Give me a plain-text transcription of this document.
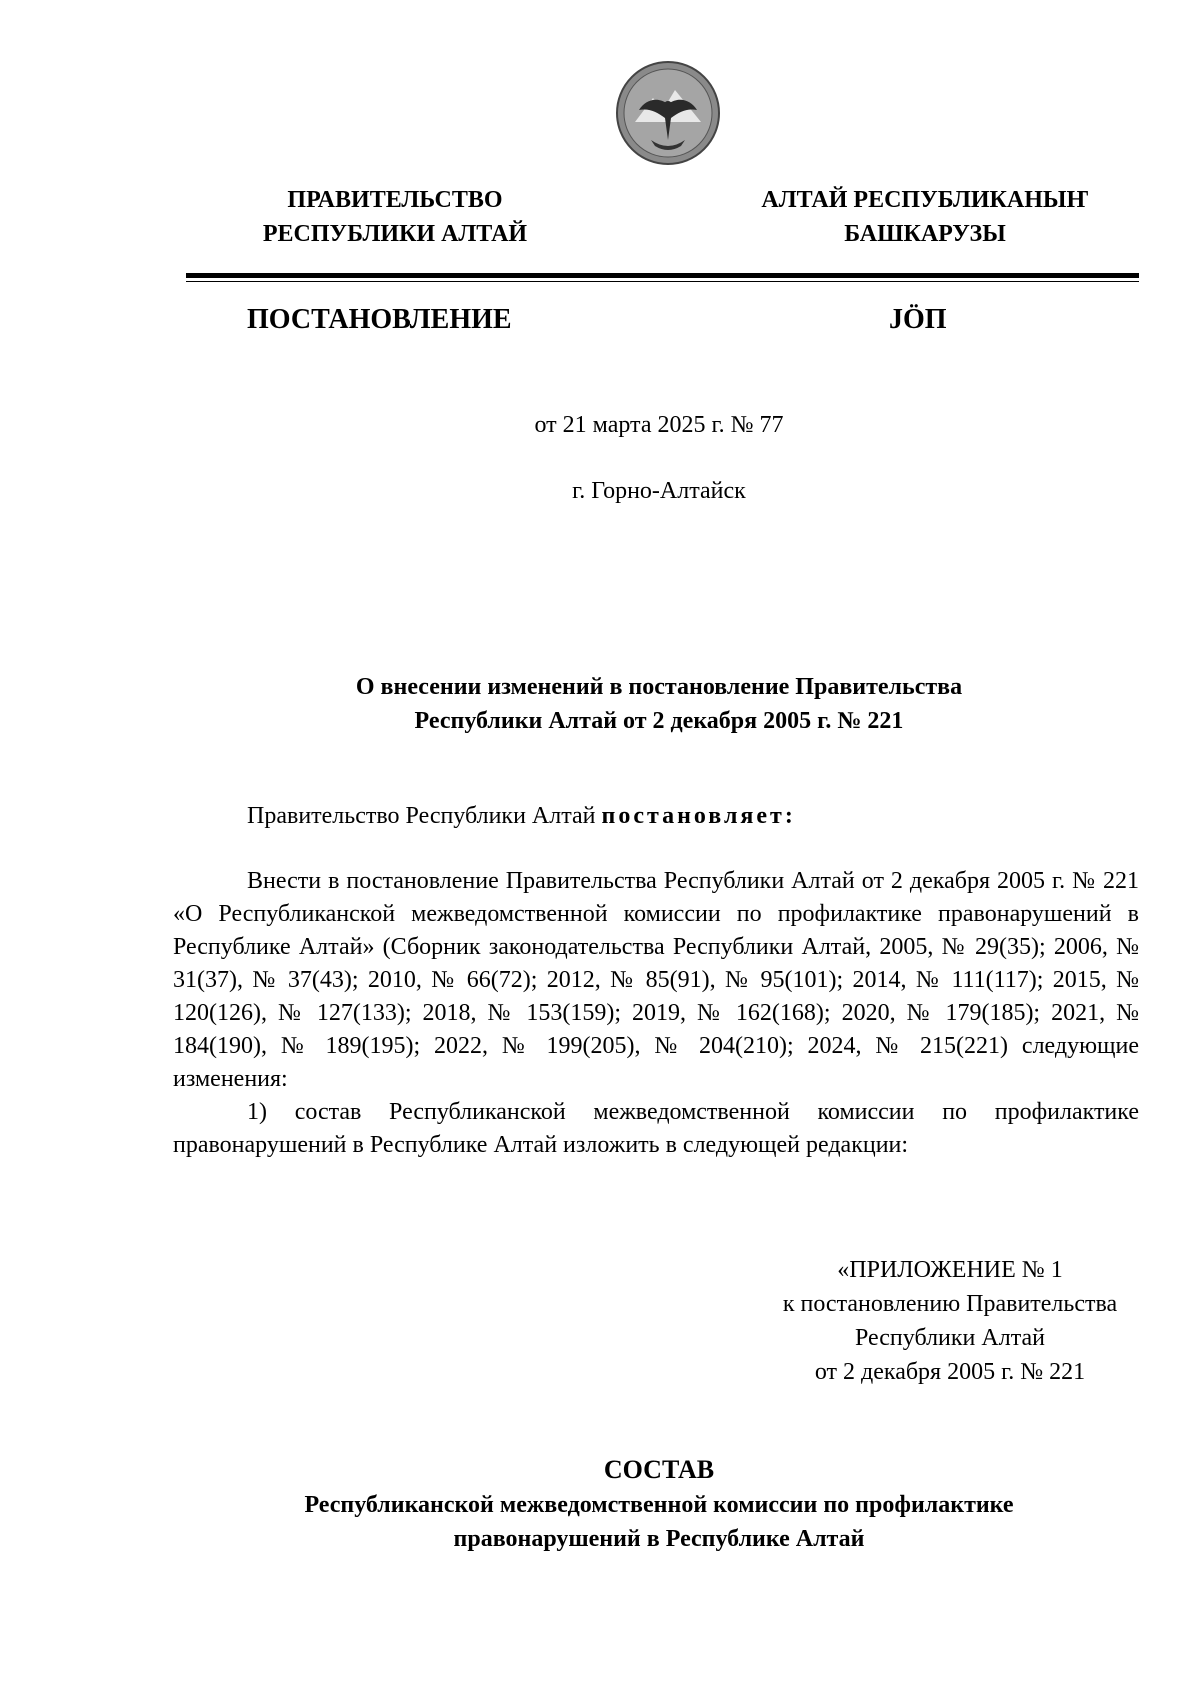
ПРАВИТЕЛЬСТВО
РЕСПУБЛИКИ АЛТАЙ
АЛТАЙ РЕСПУБЛИКАНЫҤ
БАШКАРУЗЫ
ПОСТАНОВЛЕНИЕ	JӦП
от 21 марта 2025 г. № 77
г. Горно-Алтайск
О внесении изменений в постановление Правительства
Республики Алтай от 2 декабря 2005 г. № 221
Правительство Республики Алтай постановляет:

Внести в постановление Правительства Республики Алтай от 2 декабря 2005 г. № 221 «О Республиканской межведомственной комиссии по профилактике правонарушений в Республике Алтай» (Сборник законодательства Республики Алтай, 2005, № 29(35); 2006, № 31(37), № 37(43); 2010, № 66(72); 2012, № 85(91), № 95(101); 2014, № 111(117); 2015, № 120(126), № 127(133); 2018, № 153(159); 2019, № 162(168); 2020, № 179(185); 2021, № 184(190), № 189(195); 2022, № 199(205), № 204(210); 2024, № 215(221) следующие изменения:

1) состав Республиканской межведомственной комиссии по профилактике правонарушений в Республике Алтай изложить в следующей редакции:

«ПРИЛОЖЕНИЕ № 1
к постановлению Правительства
Республики Алтай
от 2 декабря 2005 г. № 221
СОСТАВ
Республиканской межведомственной комиссии по профилактике
правонарушений в Республике Алтай
